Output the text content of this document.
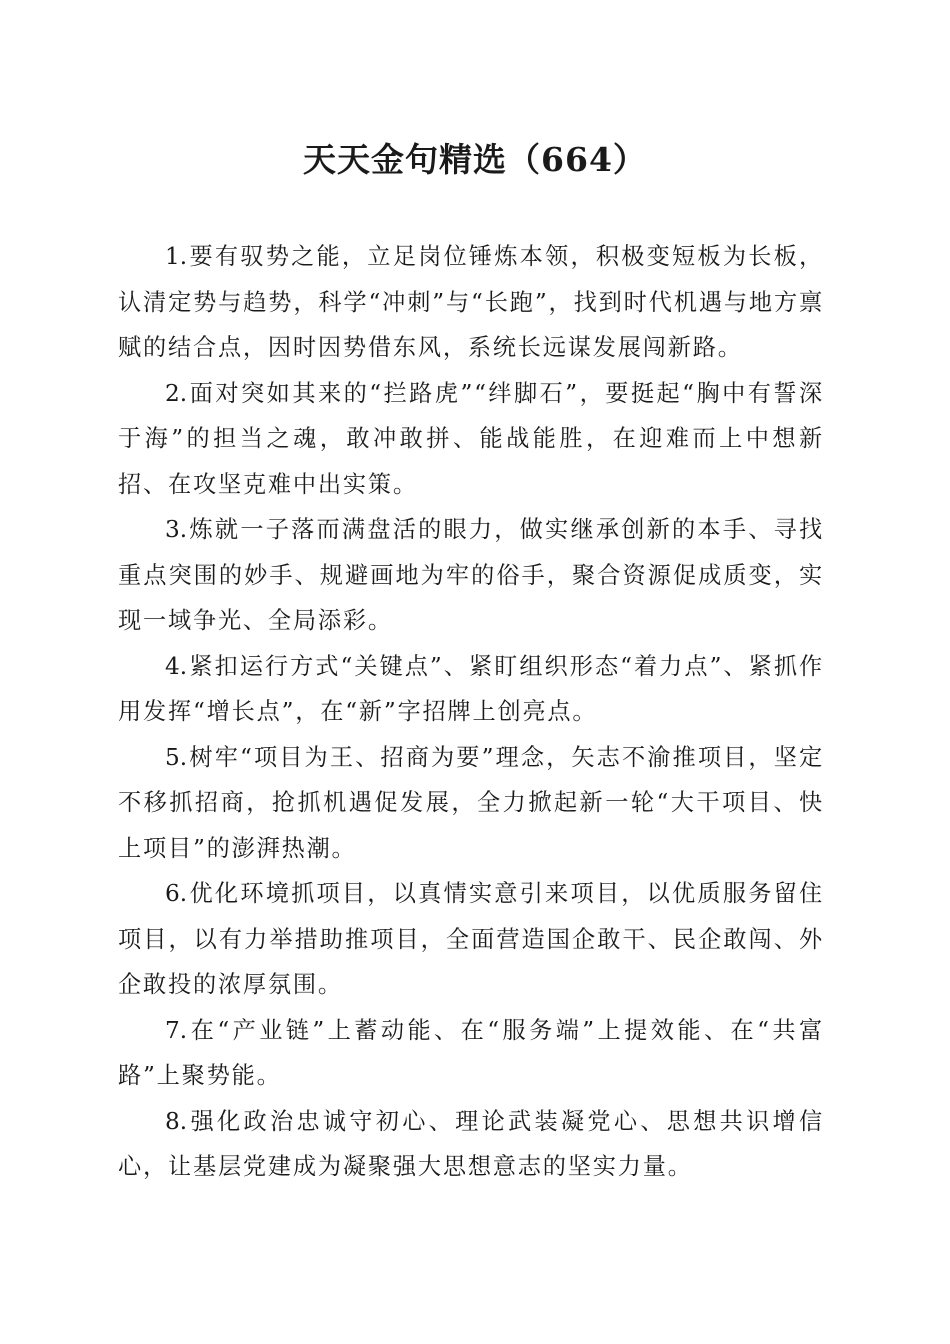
天天金句精选（664）

1.要有驭势之能，立足岗位锤炼本领，积极变短板为长板，认清定势与趋势，科学“冲刺”与“长跑”，找到时代机遇与地方禀赋的结合点，因时因势借东风，系统长远谋发展闯新路。

2.面对突如其来的“拦路虎”“绊脚石”，要挺起“胸中有誓深于海”的担当之魂，敢冲敢拼、能战能胜，在迎难而上中想新招、在攻坚克难中出实策。

3.炼就一子落而满盘活的眼力，做实继承创新的本手、寻找重点突围的妙手、规避画地为牢的俗手，聚合资源促成质变，实现一域争光、全局添彩。

4.紧扣运行方式“关键点”、紧盯组织形态“着力点”、紧抓作用发挥“增长点”，在“新”字招牌上创亮点。

5.树牢“项目为王、招商为要”理念，矢志不渝推项目，坚定不移抓招商，抢抓机遇促发展，全力掀起新一轮“大干项目、快上项目”的澎湃热潮。

6.优化环境抓项目，以真情实意引来项目，以优质服务留住项目，以有力举措助推项目，全面营造国企敢干、民企敢闯、外企敢投的浓厚氛围。

7.在“产业链”上蓄动能、在“服务端”上提效能、在“共富路”上聚势能。

8.强化政治忠诚守初心、理论武装凝党心、思想共识增信心，让基层党建成为凝聚强大思想意志的坚实力量。
